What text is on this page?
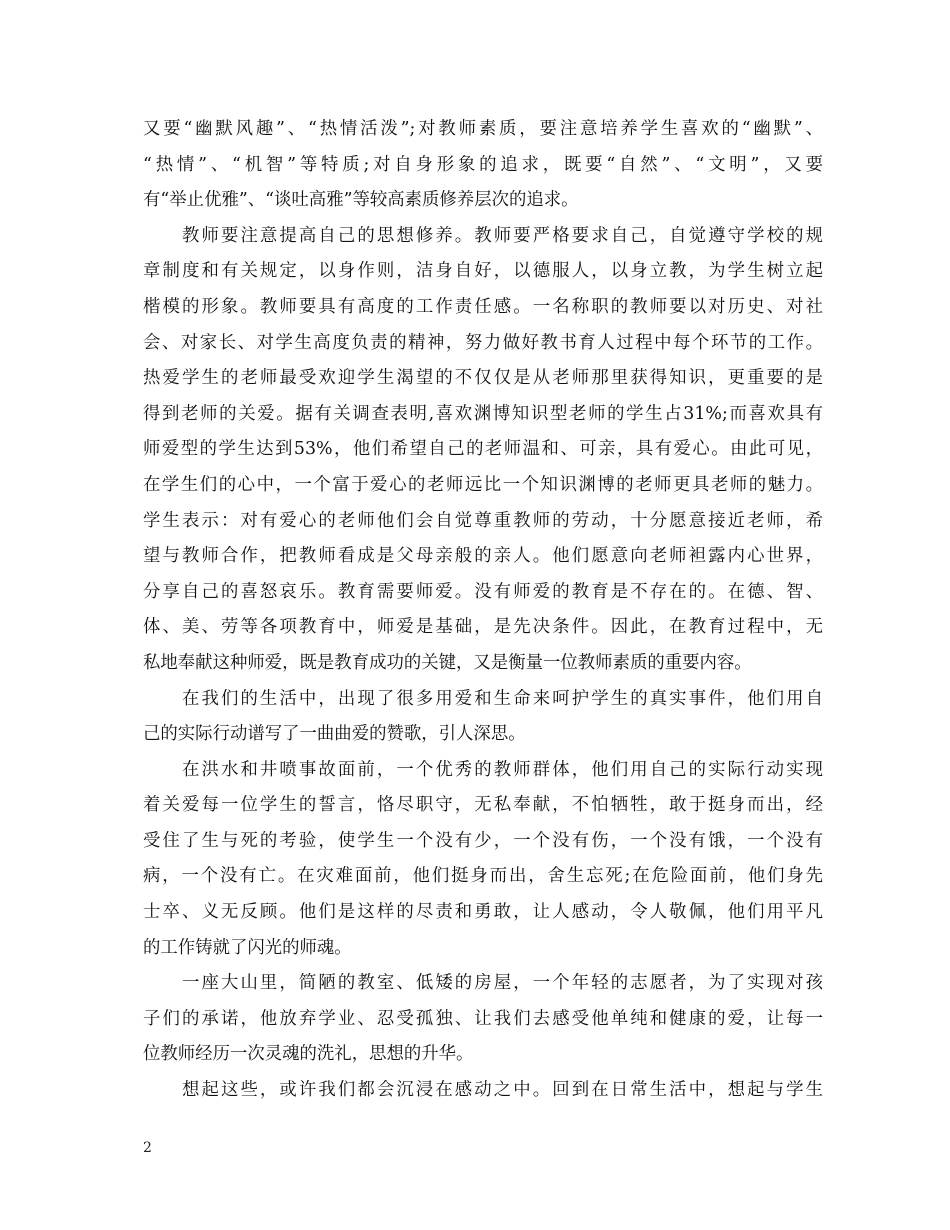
又要“幽默风趣”、“热情活泼”;对教师素质，要注意培养学生喜欢的“幽默”、
“热情”、“机智”等特质;对自身形象的追求，既要“自然”、“文明”，又要
有“举止优雅”、“谈吐高雅”等较高素质修养层次的追求。
　　教师要注意提高自己的思想修养。教师要严格要求自己，自觉遵守学校的规
章制度和有关规定，以身作则，洁身自好，以德服人，以身立教，为学生树立起
楷模的形象。教师要具有高度的工作责任感。一名称职的教师要以对历史、对社
会、对家长、对学生高度负责的精神，努力做好教书育人过程中每个环节的工作。
热爱学生的老师最受欢迎学生渴望的不仅仅是从老师那里获得知识，更重要的是
得到老师的关爱。据有关调查表明,喜欢渊博知识型老师的学生占31%;而喜欢具有
师爱型的学生达到53%，他们希望自己的老师温和、可亲，具有爱心。由此可见，
在学生们的心中，一个富于爱心的老师远比一个知识渊博的老师更具老师的魅力。
学生表示：对有爱心的老师他们会自觉尊重教师的劳动，十分愿意接近老师，希
望与教师合作，把教师看成是父母亲般的亲人。他们愿意向老师袒露内心世界，
分享自己的喜怒哀乐。教育需要师爱。没有师爱的教育是不存在的。在德、智、
体、美、劳等各项教育中，师爱是基础，是先决条件。因此，在教育过程中，无
私地奉献这种师爱，既是教育成功的关键，又是衡量一位教师素质的重要内容。
　　在我们的生活中，出现了很多用爱和生命来呵护学生的真实事件，他们用自
己的实际行动谱写了一曲曲爱的赞歌，引人深思。
　　在洪水和井喷事故面前，一个优秀的教师群体，他们用自己的实际行动实现
着关爱每一位学生的誓言，恪尽职守，无私奉献，不怕牺牲，敢于挺身而出，经
受住了生与死的考验，使学生一个没有少，一个没有伤，一个没有饿，一个没有
病，一个没有亡。在灾难面前，他们挺身而出，舍生忘死;在危险面前，他们身先
士卒、义无反顾。他们是这样的尽责和勇敢，让人感动，令人敬佩，他们用平凡
的工作铸就了闪光的师魂。
　　一座大山里，简陋的教室、低矮的房屋，一个年轻的志愿者，为了实现对孩
子们的承诺，他放弃学业、忍受孤独、让我们去感受他单纯和健康的爱，让每一
位教师经历一次灵魂的洗礼，思想的升华。
　　想起这些，或许我们都会沉浸在感动之中。回到在日常生活中，想起与学生
2
